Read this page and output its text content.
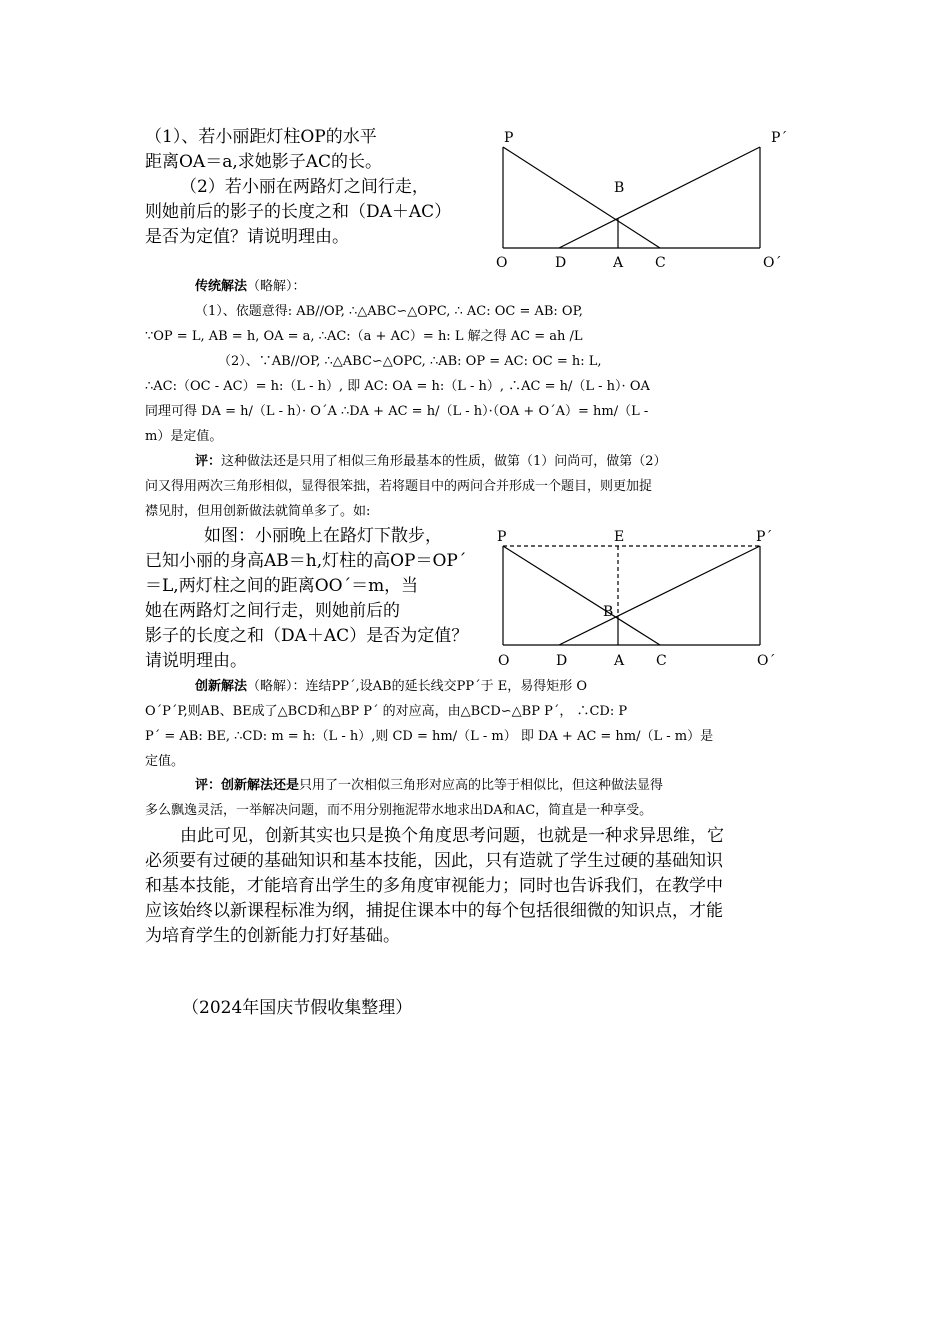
（1）、若小丽距灯柱OP的水平
距离OA＝a,求她影子AC的长。
（2）若小丽在两路灯之间行走，
则她前后的影子的长度之和（DA＋AC）
是否为定值？请说明理由。
P	P´
B
O	D	A C	O´
传统解法（略解）：
（1）、依题意得: AB//OP, ∴△ABC∽△OPC, ∴ AC: OC = AB: OP,
∵OP = L, AB = h, OA = a, ∴AC:（a + AC）= h: L 解之得 AC = ah /L
（2）、∵AB//OP, ∴△ABC∽△OPC, ∴AB: OP = AC: OC = h: L,
∴AC:（OC - AC）= h:（L - h）, 即 AC: OA = h:（L - h）, ∴AC = h/（L - h）· OA
同理可得 DA = h/（L - h）· O´A ∴DA + AC = h/（L - h）·（OA + O´A）= hm/（L -
m）是定值。
评：这种做法还是只用了相似三角形最基本的性质，做第（1）问尚可，做第（2）
问又得用两次三角形相似，显得很笨拙，若将题目中的两问合并形成一个题目，则更加捉
襟见肘，但用创新做法就简单多了。如:
如图：小丽晚上在路灯下散步，
已知小丽的身高AB＝h,灯柱的高OP＝OP´
＝L,两灯柱之间的距离OO´＝m，当
她在两路灯之间行走，则她前后的
影子的长度之和（DA＋AC）是否为定值？
请说明理由。
P	E	P´
B
O	D	A C	O´
创新解法（略解）：连结PP´,设AB的延长线交PP´于 E，易得矩形 O
O´P´P,则AB、BE成了△BCD和△BP P´ 的对应高，由△BCD∽△BP P´， ∴CD: P
P´ = AB: BE, ∴CD: m = h:（L - h）,则 CD = hm/（L - m） 即 DA + AC = hm/（L - m）是
定值。
评：创新解法还是只用了一次相似三角形对应高的比等于相似比，但这种做法显得
多么飘逸灵活，一举解决问题，而不用分别拖泥带水地求出DA和AC，简直是一种享受。
由此可见，创新其实也只是换个角度思考问题，也就是一种求异思维，它
必须要有过硬的基础知识和基本技能，因此，只有造就了学生过硬的基础知识
和基本技能，才能培育出学生的多角度审视能力；同时也告诉我们，在教学中
应该始终以新课程标准为纲，捕捉住课本中的每个包括很细微的知识点，才能
为培育学生的创新能力打好基础。
（2024年国庆节假收集整理）
